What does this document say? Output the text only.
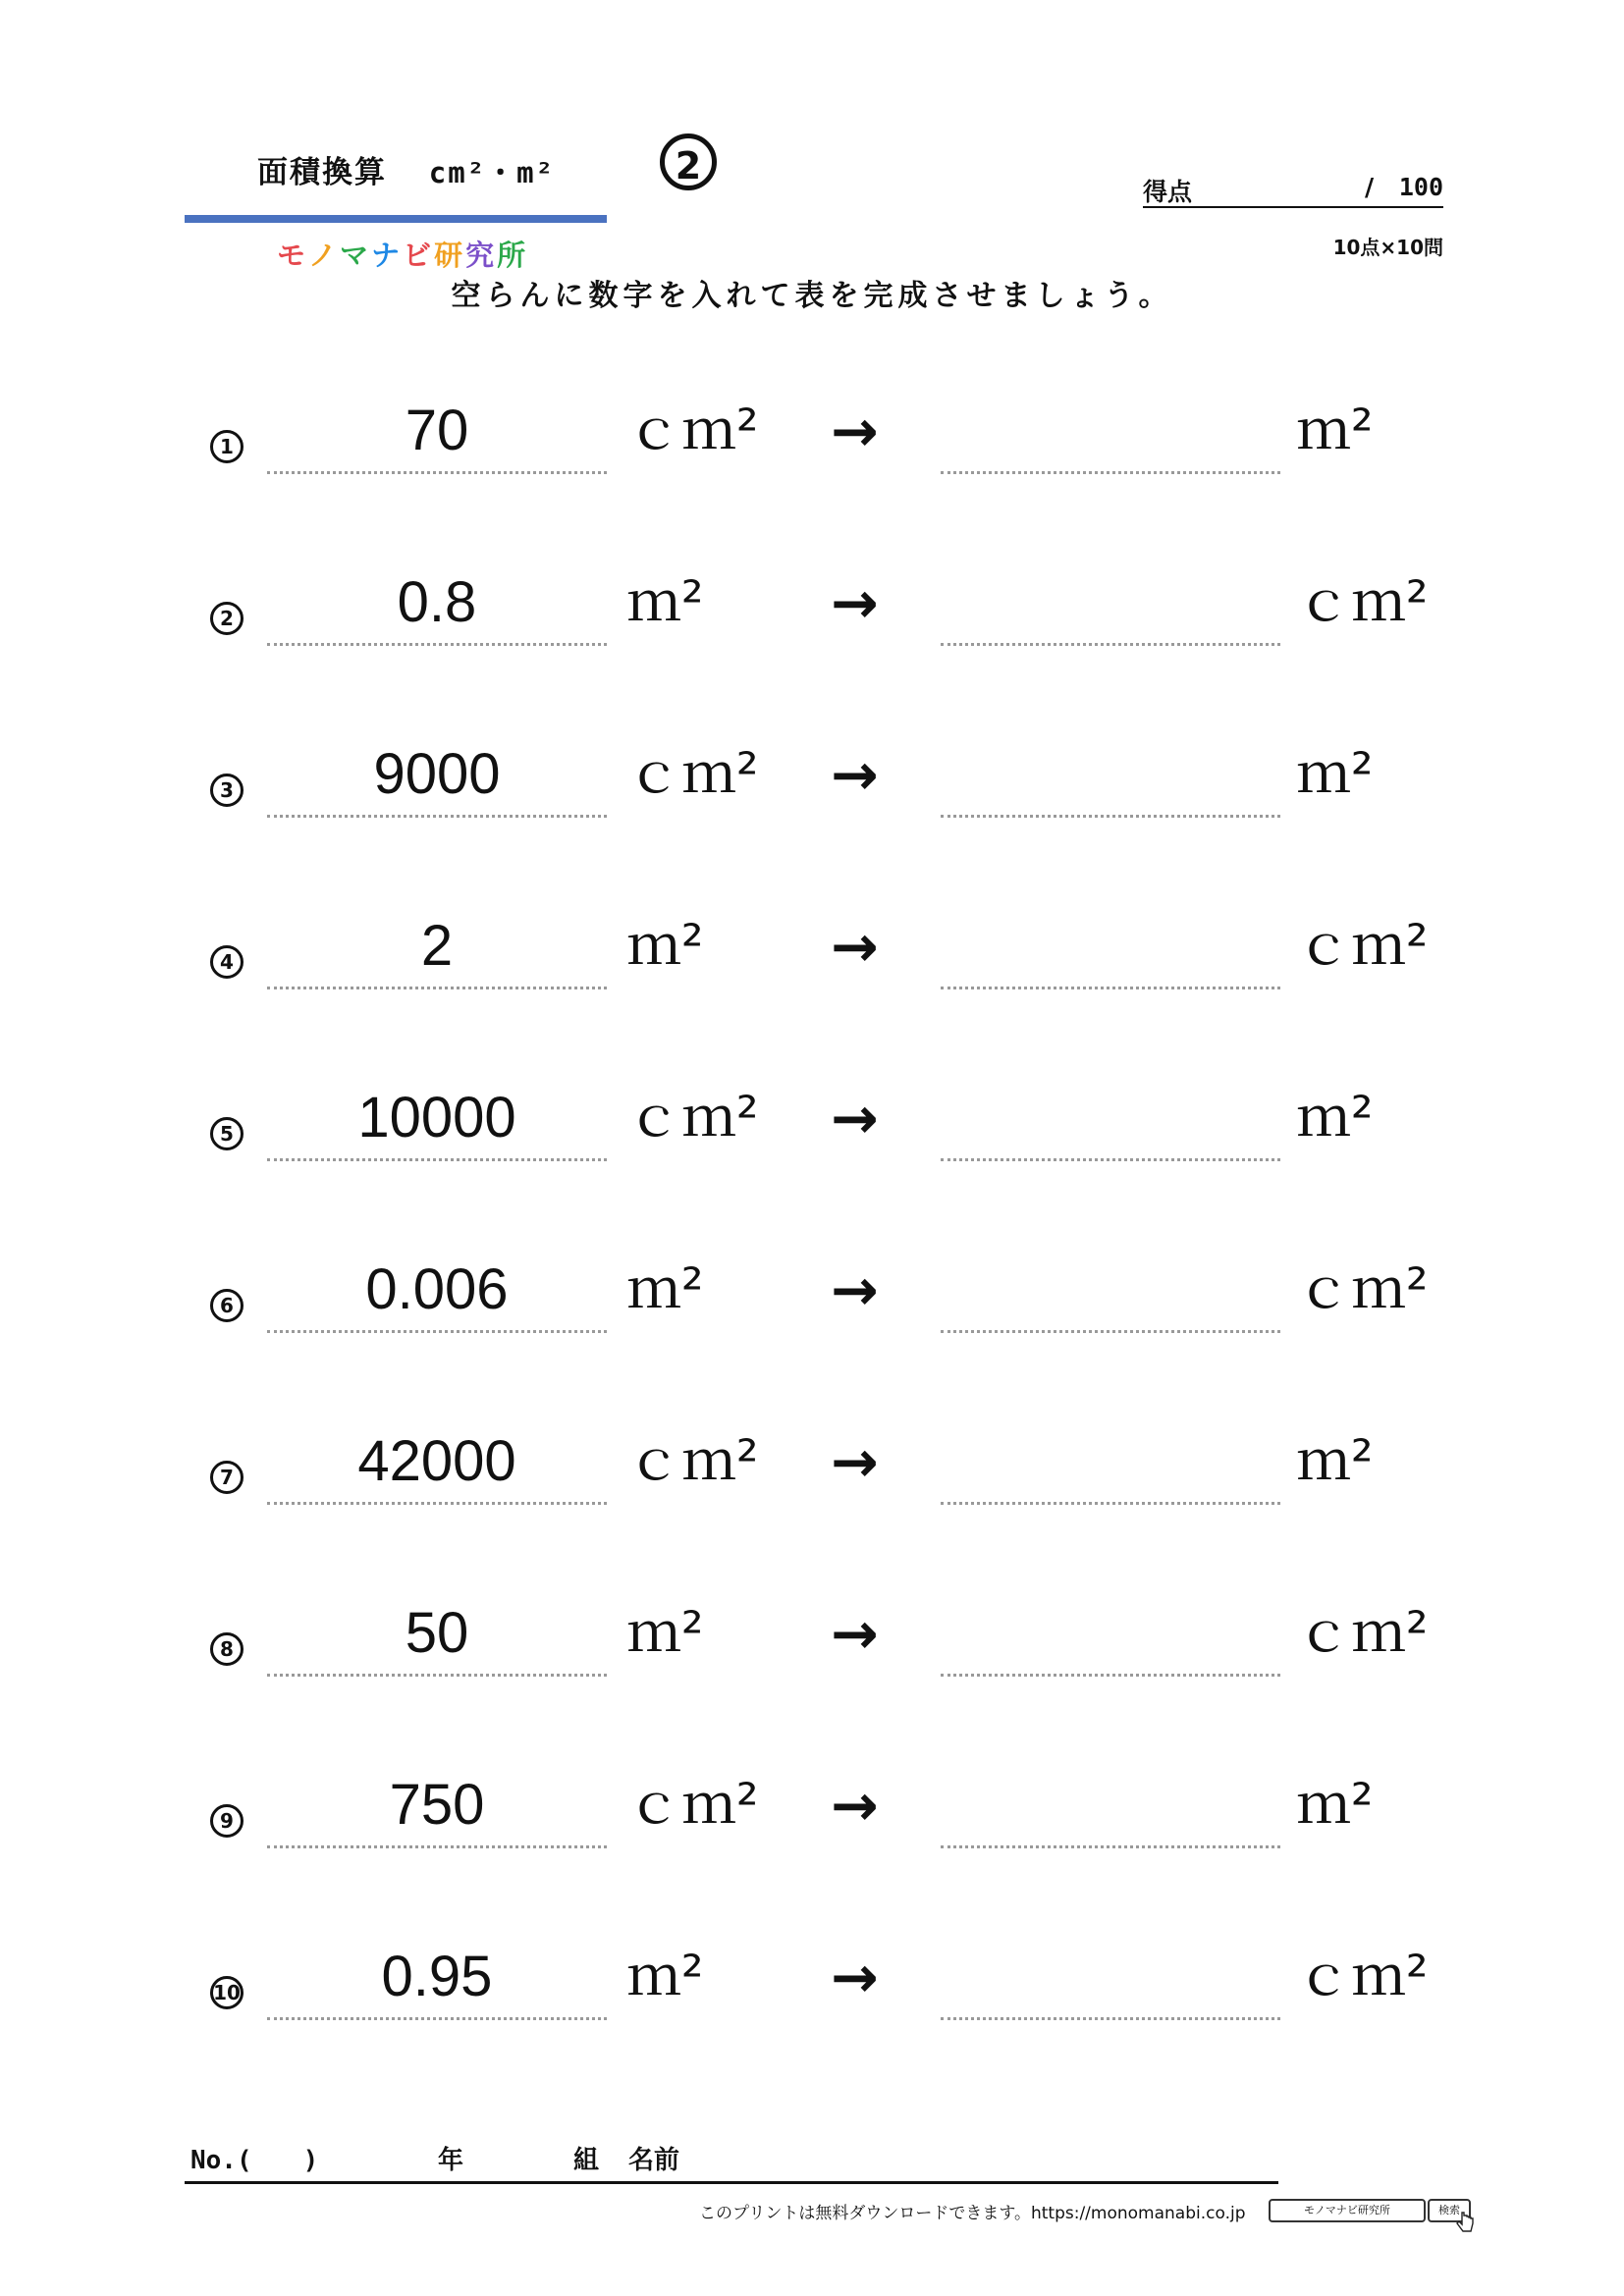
面積換算 cm²・m²	2
モノマナビ研究所
得点	/ 100
10点×10問
空らんに数字を入れて表を完成させましょう。
1	70	ｃｍ² →	ｍ²
2	0.8	ｍ² →	ｃｍ²
3	9000	ｃｍ² →	ｍ²
4	2	ｍ² →	ｃｍ²
5	10000	ｃｍ² →	ｍ²
6	0.006	ｍ² →	ｃｍ²
7	42000	ｃｍ² →	ｍ²
8	50	ｍ² →	ｃｍ²
9	750	ｃｍ² →	ｍ²
10	0.95	ｍ² →	ｃｍ²
No.(　　)	年	組 名前
このプリントは無料ダウンロードできます。https://monomanabi.co.jp	モノマナビ研究所	検索
